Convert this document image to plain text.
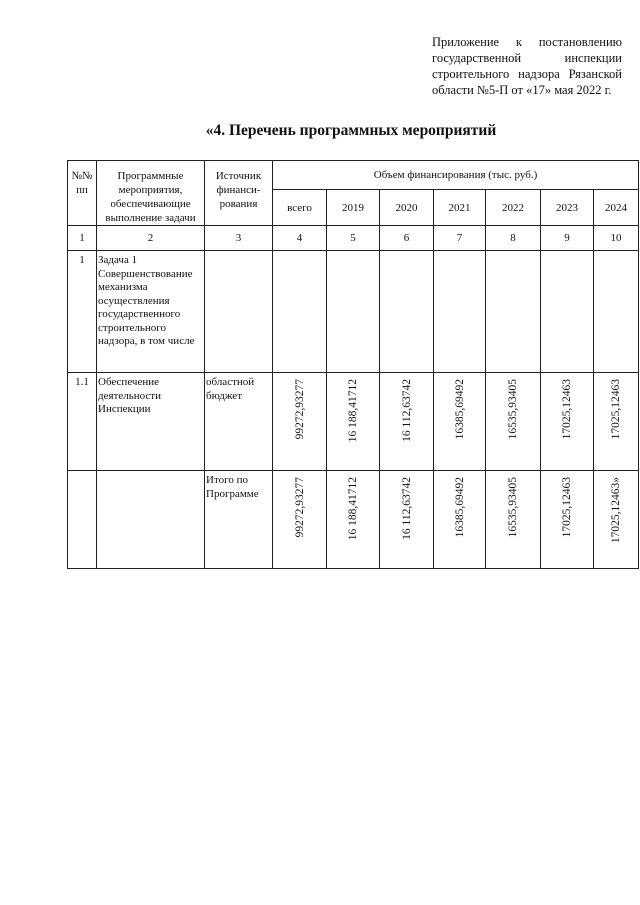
Приложение к постановлению
государственной инспекции
строительного надзора Рязанской
области №5-П от «17» мая 2022 г.
«4. Перечень программных мероприятий
№№ пп	Программные мероприятия, обеспечивающие выполнение задачи	Источник финанси-рования	Объем финансирования (тыс. руб.)						
			всего	2019	2020	2021	2022	2023	2024
1	2	3	4	5	6	7	8	9	10
1	Задача 1 Совершенствование механизма осуществления государственного строительного надзора, в том числе								
1.1	Обеспечение деятельности Инспекции	областной бюджет	99272,93277	16 188,41712	16 112,63742	16385,69492	16535,93405	17025,12463	17025,12463

		Итого по Программе	99272,93277	16 188,41712	16 112,63742	16385,69492	16535,93405	17025,12463	17025,12463»
